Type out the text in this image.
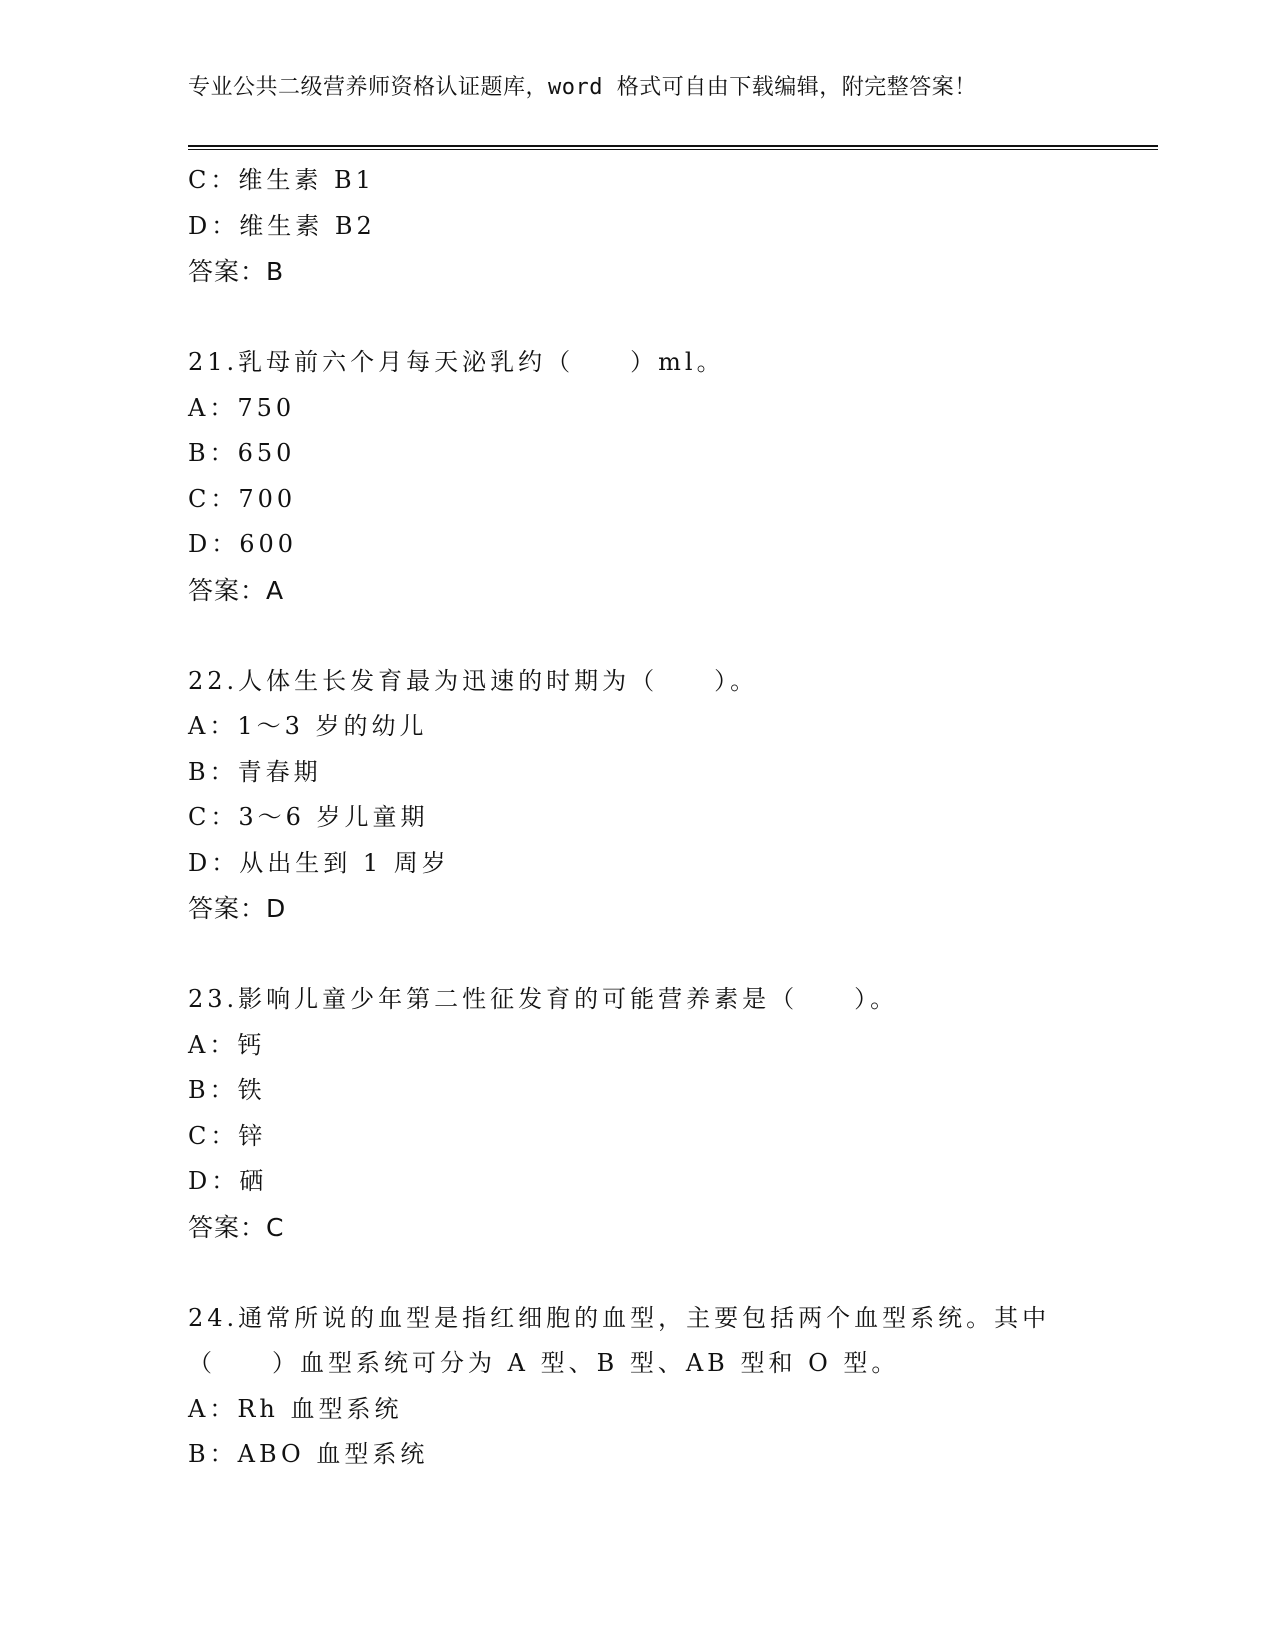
专业公共二级营养师资格认证题库，word 格式可自由下载编辑，附完整答案！
C：维生素 B1
D：维生素 B2
答案：B
21.乳母前六个月每天泌乳约（　　）ml。
A：750
B：650
C：700
D：600
答案：A
22.人体生长发育最为迅速的时期为（　　）。
A：1～3 岁的幼儿
B：青春期
C：3～6 岁儿童期
D：从出生到 1 周岁
答案：D
23.影响儿童少年第二性征发育的可能营养素是（　　）。
A：钙
B：铁
C：锌
D：硒
答案：C
24.通常所说的血型是指红细胞的血型，主要包括两个血型系统。其中
（　　）血型系统可分为 A 型、B 型、AB 型和 O 型。
A：Rh 血型系统
B：ABO 血型系统
